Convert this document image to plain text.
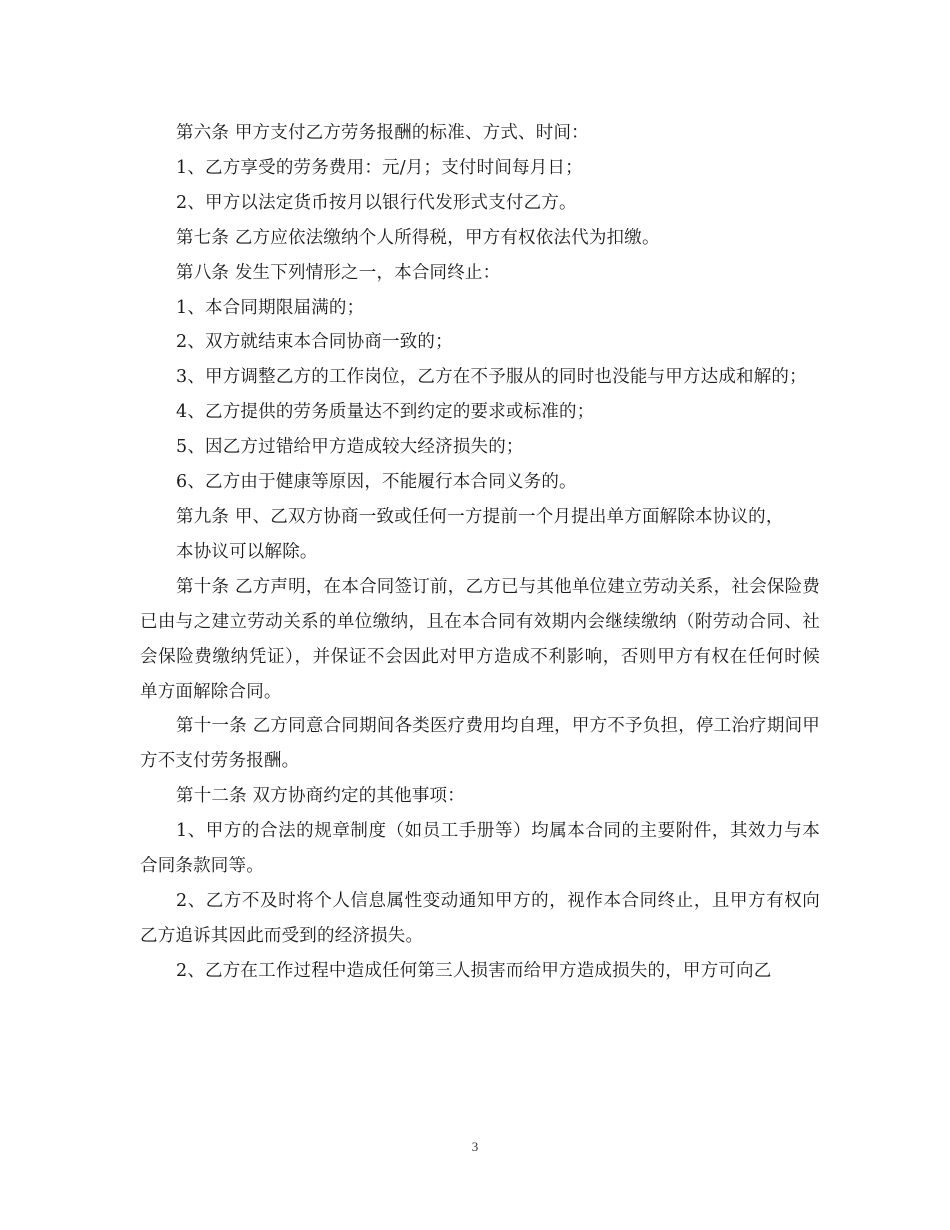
第六条 甲方支付乙方劳务报酬的标准、方式、时间：

1、乙方享受的劳务费用：元/月；支付时间每月日；

2、甲方以法定货币按月以银行代发形式支付乙方。

第七条 乙方应依法缴纳个人所得税，甲方有权依法代为扣缴。

第八条 发生下列情形之一，本合同终止：

1、本合同期限届满的；

2、双方就结束本合同协商一致的；

3、甲方调整乙方的工作岗位，乙方在不予服从的同时也没能与甲方达成和解的；

4、乙方提供的劳务质量达不到约定的要求或标准的；

5、因乙方过错给甲方造成较大经济损失的；

6、乙方由于健康等原因，不能履行本合同义务的。

第九条 甲、乙双方协商一致或任何一方提前一个月提出单方面解除本协议的，

本协议可以解除。

第十条 乙方声明，在本合同签订前，乙方已与其他单位建立劳动关系，社会保险费已由与之建立劳动关系的单位缴纳，且在本合同有效期内会继续缴纳（附劳动合同、社会保险费缴纳凭证），并保证不会因此对甲方造成不利影响，否则甲方有权在任何时候单方面解除合同。

第十一条 乙方同意合同期间各类医疗费用均自理，甲方不予负担，停工治疗期间甲方不支付劳务报酬。

第十二条 双方协商约定的其他事项：

1、甲方的合法的规章制度（如员工手册等）均属本合同的主要附件，其效力与本合同条款同等。

2、乙方不及时将个人信息属性变动通知甲方的，视作本合同终止，且甲方有权向乙方追诉其因此而受到的经济损失。

2、乙方在工作过程中造成任何第三人损害而给甲方造成损失的，甲方可向乙

3
